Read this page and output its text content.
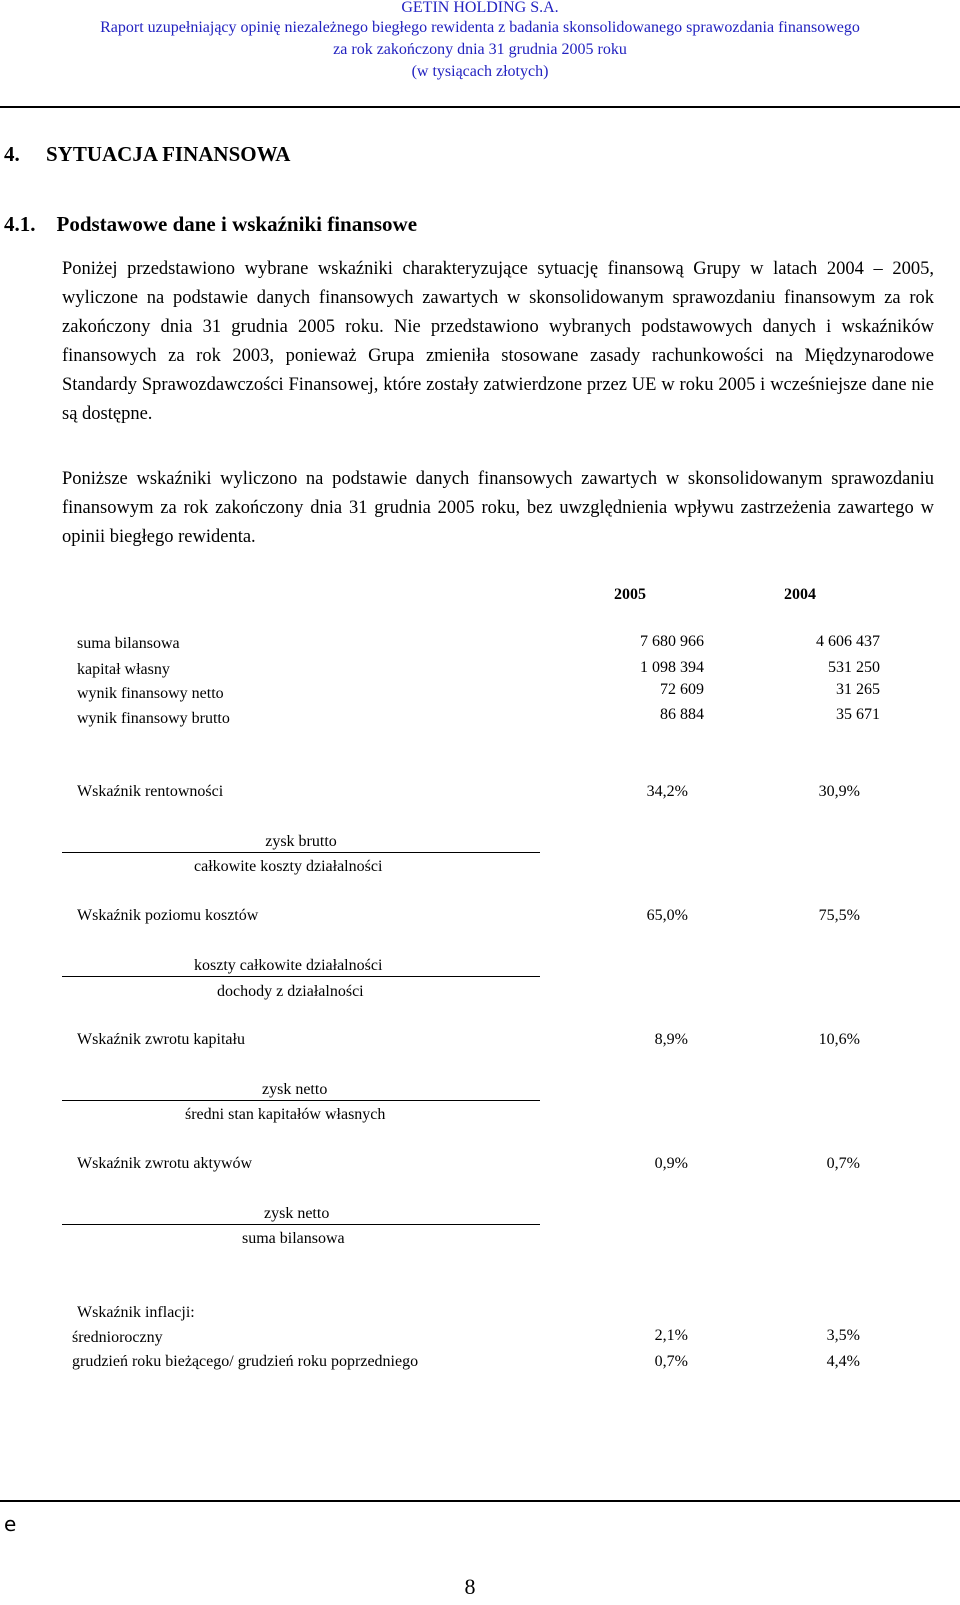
GETIN HOLDING S.A.
Raport uzupełniający opinię niezależnego biegłego rewidenta z badania skonsolidowanego sprawozdania finansowego
za rok zakończony dnia 31 grudnia 2005 roku
(w tysiącach złotych)
4.     SYTUACJA FINANSOWA
4.1.    Podstawowe dane i wskaźniki finansowe

Poniżej przedstawiono wybrane wskaźniki charakteryzujące sytuację finansową Grupy w latach 2004 – 2005, wyliczone na podstawie danych finansowych zawartych w skonsolidowanym sprawozdaniu finansowym za rok zakończony dnia 31 grudnia 2005 roku. Nie przedstawiono wybranych podstawowych danych i wskaźników finansowych za rok 2003, ponieważ Grupa zmieniła stosowane zasady rachunkowości na Międzynarodowe Standardy Sprawozdawczości Finansowej, które zostały zatwierdzone przez UE w roku 2005 i wcześniejsze dane nie są dostępne.

Poniższe wskaźniki wyliczono na podstawie danych finansowych zawartych w skonsolidowanym sprawozdaniu finansowym za rok zakończony dnia 31 grudnia 2005 roku, bez uwzględnienia wpływu zastrzeżenia zawartego w opinii biegłego rewidenta.

2005	2004
suma bilansowa	7 680 966	4 606 437
kapitał własny	1 098 394	531 250
wynik finansowy netto	72 609	31 265
wynik finansowy brutto	86 884	35 671
Wskaźnik rentowności	34,2%	30,9%
zysk brutto
całkowite koszty działalności
Wskaźnik poziomu kosztów	65,0%	75,5%
koszty całkowite działalności
dochody z działalności
Wskaźnik zwrotu kapitału	8,9%	10,6%
zysk netto
średni stan kapitałów własnych
Wskaźnik zwrotu aktywów	0,9%	0,7%
zysk netto
suma bilansowa
Wskaźnik inflacji:
średnioroczny	2,1%	3,5%
grudzień roku bieżącego/ grudzień roku poprzedniego	0,7%	4,4%
e
8
